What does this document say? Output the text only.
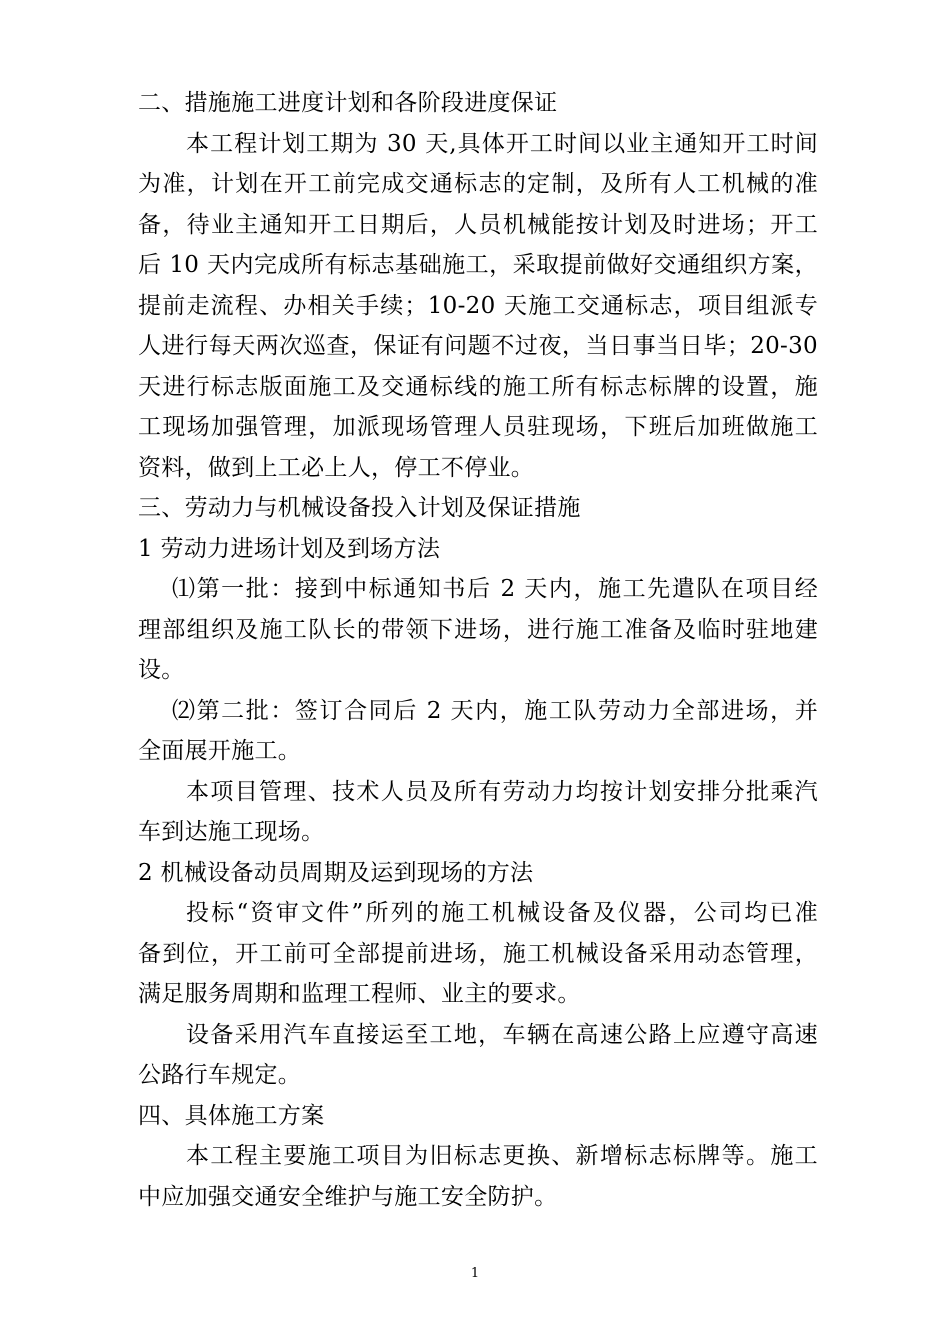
二、措施施工进度计划和各阶段进度保证
本工程计划工期为 30 天,具体开工时间以业主通知开工时间
为准，计划在开工前完成交通标志的定制，及所有人工机械的准
备，待业主通知开工日期后，人员机械能按计划及时进场；开工
后 10 天内完成所有标志基础施工，采取提前做好交通组织方案，
提前走流程、办相关手续；10-20 天施工交通标志，项目组派专
人进行每天两次巡查，保证有问题不过夜，当日事当日毕；20-30
天进行标志版面施工及交通标线的施工所有标志标牌的设置，施
工现场加强管理，加派现场管理人员驻现场，下班后加班做施工
资料，做到上工必上人，停工不停业。
三、劳动力与机械设备投入计划及保证措施
1 劳动力进场计划及到场方法
⑴第一批：接到中标通知书后 2 天内，施工先遣队在项目经
理部组织及施工队长的带领下进场，进行施工准备及临时驻地建
设。
⑵第二批：签订合同后 2 天内，施工队劳动力全部进场，并
全面展开施工。
本项目管理、技术人员及所有劳动力均按计划安排分批乘汽
车到达施工现场。
2 机械设备动员周期及运到现场的方法
投标“资审文件”所列的施工机械设备及仪器，公司均已准
备到位，开工前可全部提前进场，施工机械设备采用动态管理，
满足服务周期和监理工程师、业主的要求。
设备采用汽车直接运至工地，车辆在高速公路上应遵守高速
公路行车规定。
四、具体施工方案
本工程主要施工项目为旧标志更换、新增标志标牌等。施工
中应加强交通安全维护与施工安全防护。
1
